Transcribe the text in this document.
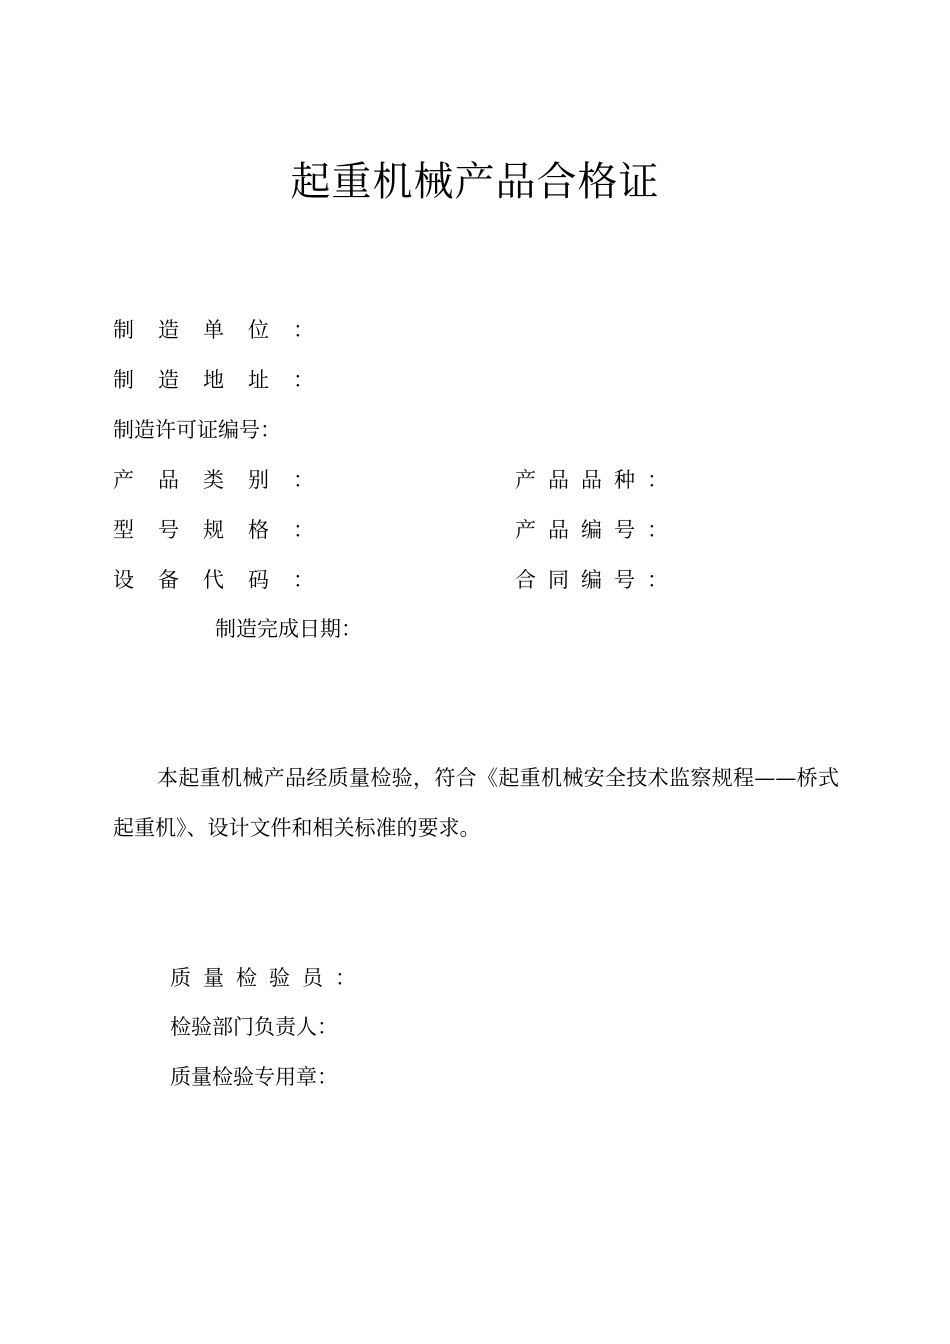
起重机械产品合格证
制造单位：
制造地址：
制造许可证编号：
产品类别：	产品品种：
型号规格：	产品编号：
设备代码：	合同编号：
制造完成日期：
本起重机械产品经质量检验，符合《起重机械安全技术监察规程——桥式起重机》、设计文件和相关标准的要求。
质量检验员：
检验部门负责人：
质量检验专用章：
